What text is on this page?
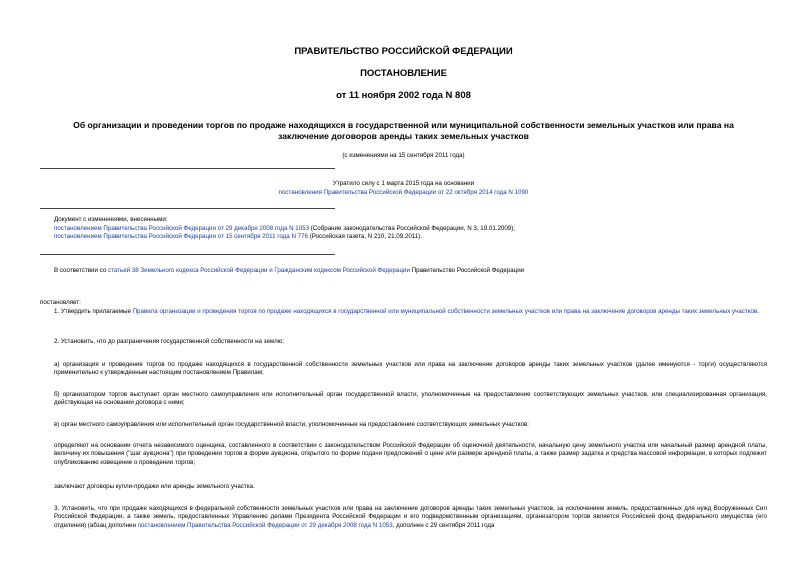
ПРАВИТЕЛЬСТВО РОССИЙСКОЙ ФЕДЕРАЦИИ
ПОСТАНОВЛЕНИЕ
от 11 ноября 2002 года N 808
Об организации и проведении торгов по продаже находящихся в государственной или муниципальной собственности земельных участков или права на заключение договоров аренды таких земельных участков
(с изменениями на 15 сентября 2011 года)
Утратило силу с 1 марта 2015 года на основании
постановления Правительства Российской Федерации от 22 октября 2014 года N 1090
Документ с изменениями, внесенными:
постановлением Правительства Российской Федерации от 29 декабря 2008 года N 1053 (Собрание законодательства Российской Федерации, N 3, 19.01.2009);
постановлением Правительства Российской Федерации от 15 сентября 2011 года N 776 (Российская газета, N 210, 21.09.2011).
В соответствии со статьей 38 Земельного кодекса Российской Федерации и Гражданским кодексом Российской Федерации Правительство Российской Федерации
постановляет:
1. Утвердить прилагаемые Правила организации и проведения торгов по продаже находящихся в государственной или муниципальной собственности земельных участков или права на заключение договоров аренды таких земельных участков.
2. Установить, что до разграничения государственной собственности на землю:
а) организация и проведение торгов по продаже находящихся в государственной собственности земельных участков или права на заключение договоров аренды таких земельных участков (далее именуются - торги) осуществляются применительно к утвержденным настоящим постановлением Правилам;
б) организатором торгов выступает орган местного самоуправления или исполнительный орган государственной власти, уполномоченные на предоставление соответствующих земельных участков, или специализированная организация, действующая на основании договора с ними;
в) орган местного самоуправления или исполнительный орган государственной власти, уполномоченные на предоставление соответствующих земельных участков:
определяют на основании отчета независимого оценщика, составленного в соответствии с законодательством Российской Федерации об оценочной деятельности, начальную цену земельного участка или начальный размер арендной платы, величину их повышения ("шаг аукциона") при проведении торгов в форме аукциона, открытого по форме подачи предложений о цене или размере арендной платы, а также размер задатка и средства массовой информации, в которых подлежит опубликованию извещение о проведении торгов;
заключают договоры купли-продажи или аренды земельного участка.
3. Установить, что при продаже находящихся в федеральной собственности земельных участков или права на заключение договоров аренды таких земельных участков, за исключением земель, предоставленных для нужд Вооруженных Сил Российской Федерации, а также земель, предоставленных Управлению делами Президента Российской Федерации и его подведомственным организациям, организатором торгов является Российский фонд федерального имущества (его отделения) (абзац дополнен постановлением Правительства Российской Федерации от 29 декабря 2008 года N 1053, дополнен с 29 сентября 2011 года
